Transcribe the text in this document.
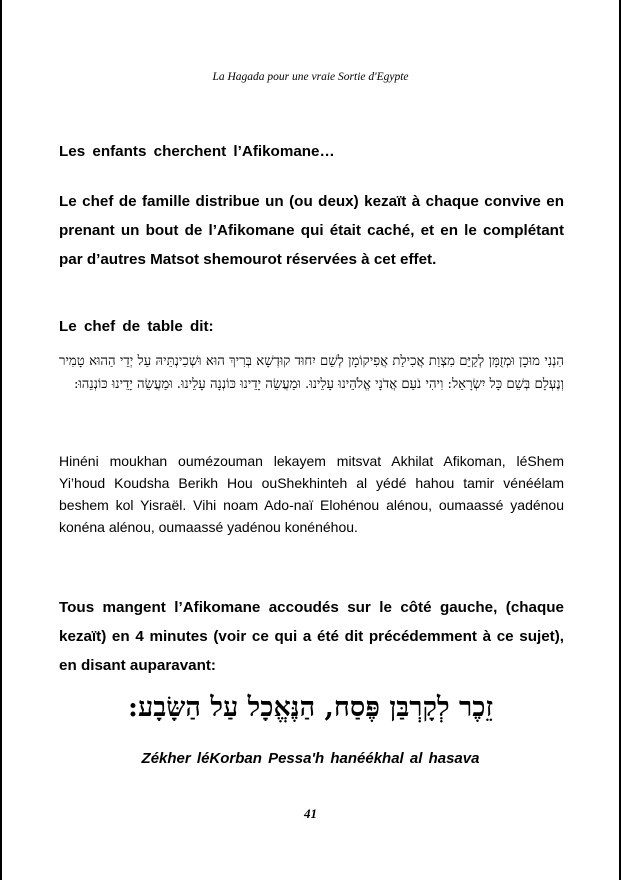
La Hagada pour une vraie Sortie d'Egypte
Les enfants cherchent l’Afikomane…
Le chef de famille distribue un (ou deux) kezaït à chaque convive en prenant un bout de l’Afikomane qui était caché, et en le complétant par d’autres Matsot shemourot réservées à cet effet.
Le chef de table dit:
הִנְנִי מוּכָן וּמְזֻמָּן לְקַיֵּם מִצְוַת אֲכִילַת אֲפִיקוֹמָן לְשֵׁם יִחוּד קוּדְשָׁא בְּרִיךְ הוּא וּשְׁכִינְתֵּיהּ עַל יְדֵי הַהוּא טָמִיר וְנֶעְלָם בְּשֵׁם כָּל יִשְׂרָאֵל: וִיהִי נֹעַם אֲדֹנָי אֱלֹהֵינוּ עָלֵינוּ. וּמַעֲשֵׂה יָדֵינוּ כּוֹנְנָה עָלֵינוּ. וּמַעֲשֵׂה יָדֵינוּ כּוֹנְנֵהוּ:
Hinéni moukhan oumézouman lekayem mitsvat Akhilat Afikoman, léShem Yi’houd Koudsha Berikh Hou ouShekhinteh al yédé hahou tamir vénéélam beshem kol Yisraël. Vihi noam Ado-naï Elohénou alénou, oumaassé yadénou konéna alénou, oumaassé yadénou konénéhou.
Tous mangent l’Afikomane accoudés sur le côté gauche, (chaque kezaït) en 4 minutes (voir ce qui a été dit précédemment à ce sujet), en disant auparavant:
זֵכֶר לְקָרְבַּן פֶּסַח, הַנֶּאֱכָל עַל הַשָּׂבָע:
Zékher léKorban Pessa'h hanéékhal al hasava
41
